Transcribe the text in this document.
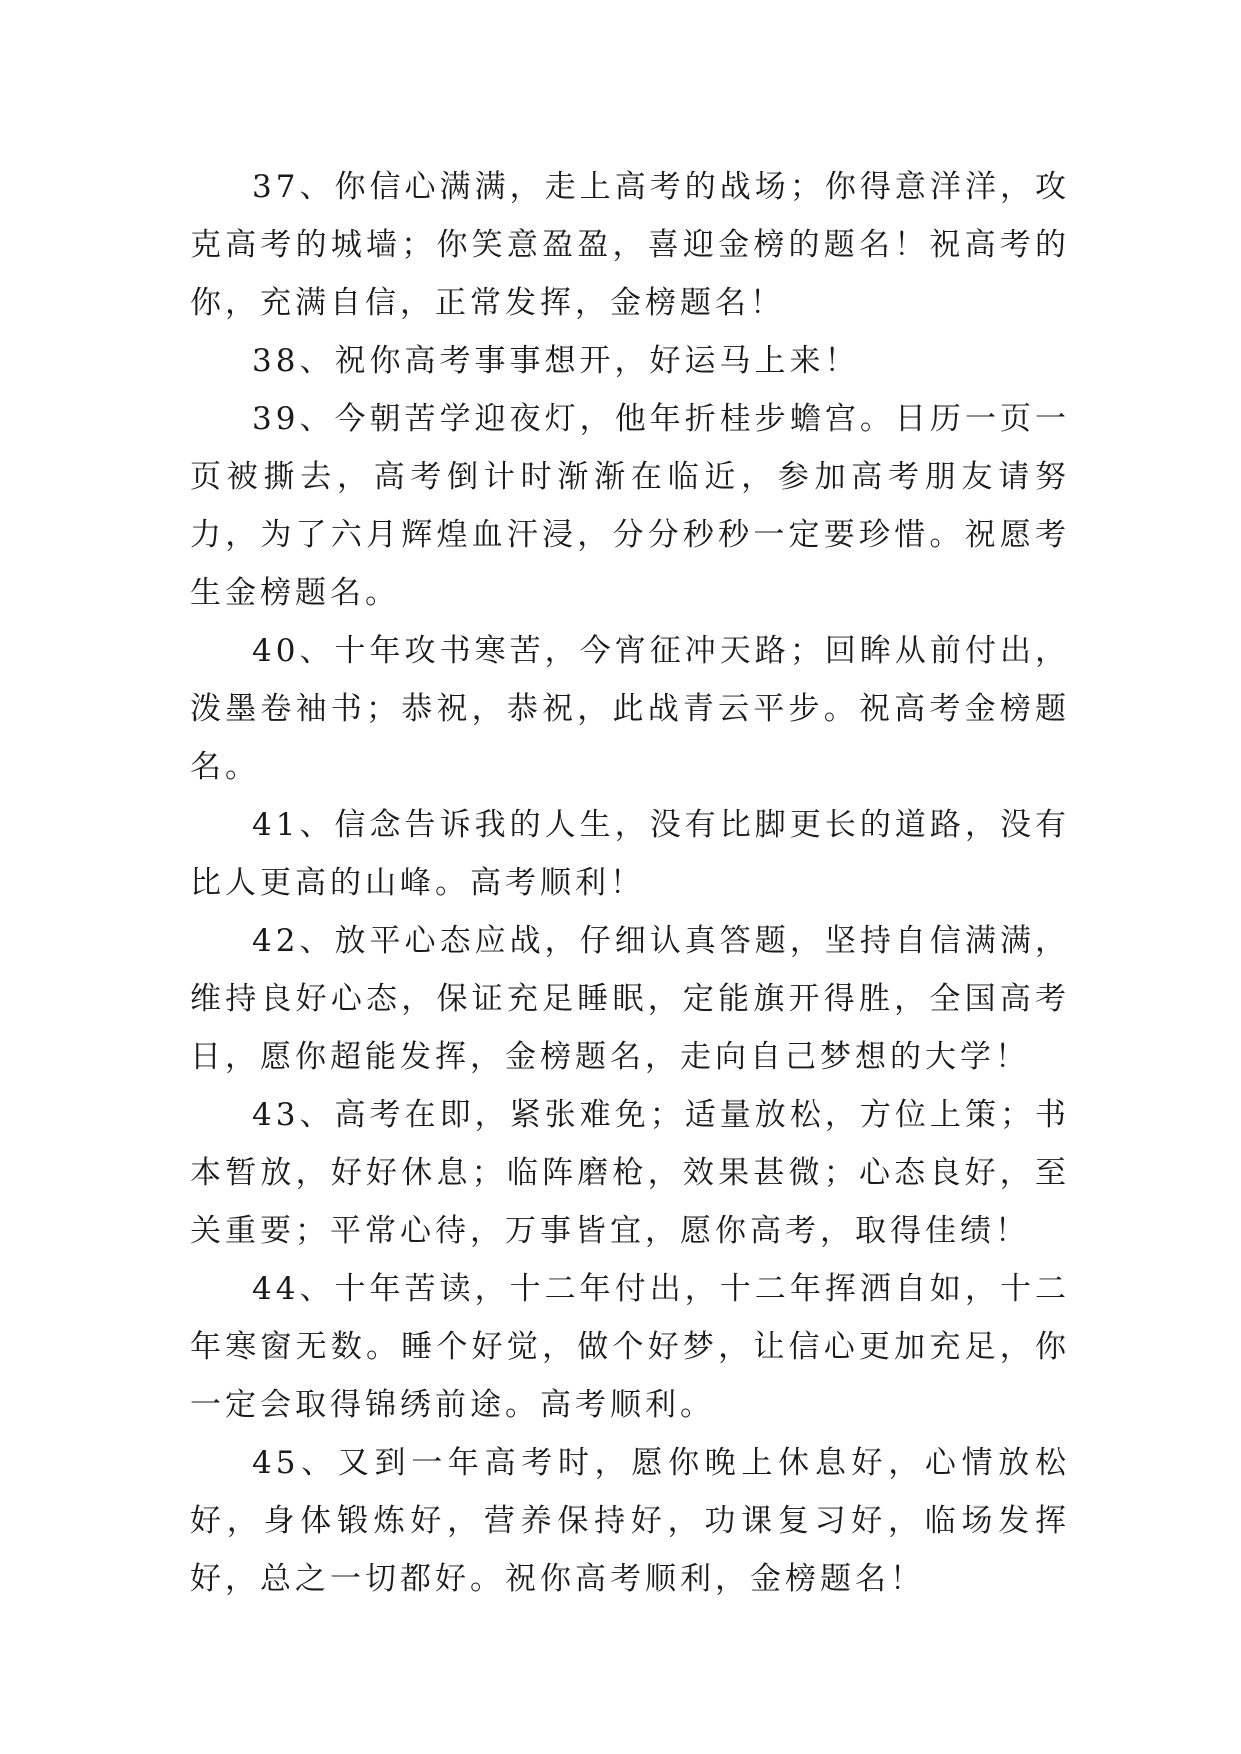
37、你信心满满，走上高考的战场；你得意洋洋，攻克高考的城墙；你笑意盈盈，喜迎金榜的题名！祝高考的你，充满自信，正常发挥，金榜题名！

38、祝你高考事事想开，好运马上来！

39、今朝苦学迎夜灯，他年折桂步蟾宫。日历一页一页被撕去，高考倒计时渐渐在临近，参加高考朋友请努力，为了六月辉煌血汗浸，分分秒秒一定要珍惜。祝愿考生金榜题名。

40、十年攻书寒苦，今宵征冲天路；回眸从前付出，泼墨卷袖书；恭祝，恭祝，此战青云平步。祝高考金榜题名。

41、信念告诉我的人生，没有比脚更长的道路，没有比人更高的山峰。高考顺利！

42、放平心态应战，仔细认真答题，坚持自信满满，维持良好心态，保证充足睡眠，定能旗开得胜，全国高考日，愿你超能发挥，金榜题名，走向自己梦想的大学！

43、高考在即，紧张难免；适量放松，方位上策；书本暂放，好好休息；临阵磨枪，效果甚微；心态良好，至关重要；平常心待，万事皆宜，愿你高考，取得佳绩！

44、十年苦读，十二年付出，十二年挥洒自如，十二年寒窗无数。睡个好觉，做个好梦，让信心更加充足，你一定会取得锦绣前途。高考顺利。

45、又到一年高考时，愿你晚上休息好，心情放松好，身体锻炼好，营养保持好，功课复习好，临场发挥好，总之一切都好。祝你高考顺利，金榜题名！
